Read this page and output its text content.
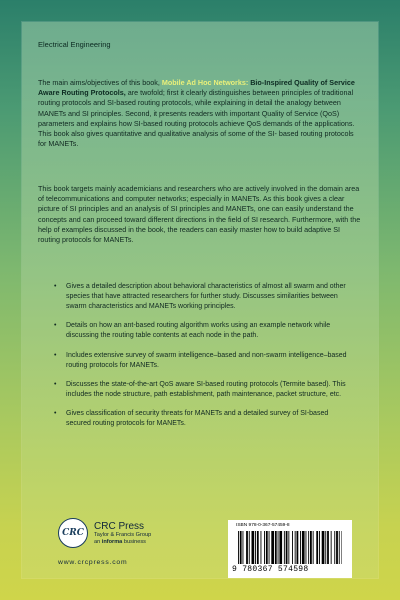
Electrical Engineering

The main aims/objectives of this book, Mobile Ad Hoc Networks: Bio-Inspired Quality of Service Aware Routing Protocols, are twofold; first it clearly distinguishes between principles of traditional routing protocols and SI-based routing protocols, while explaining in detail the analogy between MANETs and SI principles. Second, it presents readers with important Quality of Service (QoS) parameters and explains how SI-based routing protocols achieve QoS demands of the applications. This book also gives quantitative and qualitative analysis of some of the SI- based routing protocols for MANETs.

This book targets mainly academicians and researchers who are actively involved in the domain area of telecommunications and computer networks; especially in MANETs. As this book gives a clear picture of SI principles and an analysis of SI principles and MANETs, one can easily understand the concepts and can proceed toward different directions in the field of SI research. Furthermore, with the help of examples discussed in the book, the readers can easily master how to build adaptive SI routing protocols for MANETs.

• Gives a detailed description about behavioral characteristics of almost all swarm and other species that have attracted researchers for further study. Discusses similarities between swarm characteristics and MANETs working principles.
• Details on how an ant-based routing algorithm works using an example network while discussing the routing table contents at each node in the path.
• Includes extensive survey of swarm intelligence–based and non-swarm intelligence–based routing protocols for MANETs.
• Discusses the state-of-the-art QoS aware SI-based routing protocols (Termite based). This includes the node structure, path establishment, path maintenance, packet structure, etc.
• Gives classification of security threats for MANETs and a detailed survey of SI-based secured routing protocols for MANETs.
CRC
CRC Press
Taylor & Francis Group
an informa business
www.crcpress.com
ISBN 978-0-367-57459-8
9 780367 574598
